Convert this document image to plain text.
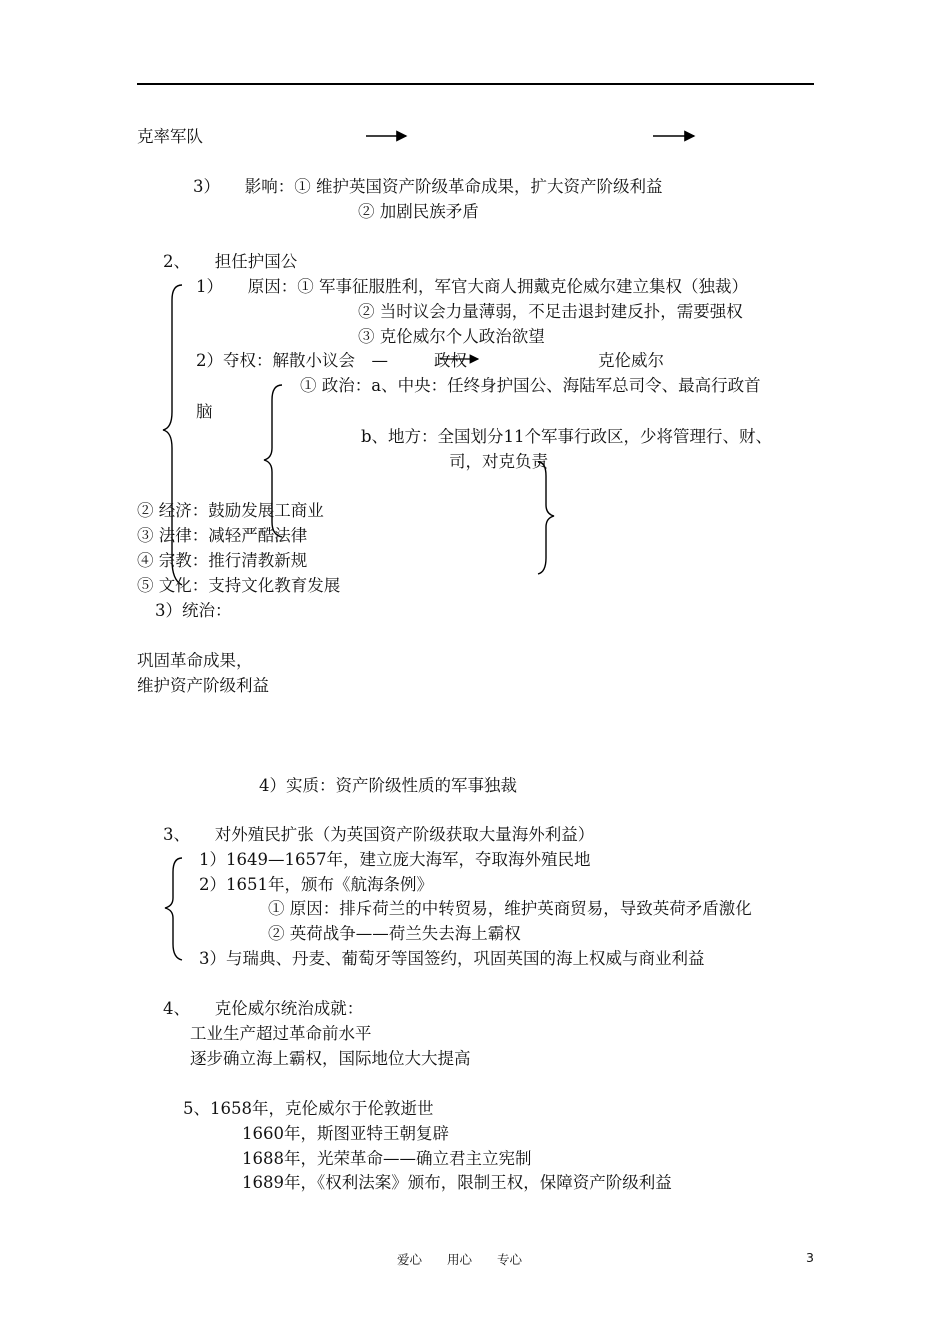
克率军队
3）　　影响：① 维护英国资产阶级革命成果，扩大资产阶级利益
② 加剧民族矛盾
2、　　担任护国公
1）　　原因：① 军事征服胜利，军官大商人拥戴克伦威尔建立集权（独裁）
② 当时议会力量薄弱，不足击退封建反扑，需要强权
③ 克伦威尔个人政治欲望
2）夺权：解散小议会　—	政权	克伦威尔
① 政治：a、中央：任终身护国公、海陆军总司令、最高行政首
脑
b、地方：全国划分11个军事行政区，少将管理行、财、
司，对克负责
② 经济：鼓励发展工商业
③ 法律：减轻严酷法律
④ 宗教：推行清教新规
⑤ 文化：支持文化教育发展
3）统治：
巩固革命成果，
维护资产阶级利益
4）实质：资产阶级性质的军事独裁
3、　　对外殖民扩张（为英国资产阶级获取大量海外利益）
1）1649—1657年，建立庞大海军，夺取海外殖民地
2）1651年，颁布《航海条例》
① 原因：排斥荷兰的中转贸易，维护英商贸易，导致英荷矛盾激化
② 英荷战争——荷兰失去海上霸权
3）与瑞典、丹麦、葡萄牙等国签约，巩固英国的海上权威与商业利益
4、　　克伦威尔统治成就：
工业生产超过革命前水平
逐步确立海上霸权，国际地位大大提高
5、1658年，克伦威尔于伦敦逝世
1660年，斯图亚特王朝复辟
1688年，光荣革命——确立君主立宪制
1689年，《权利法案》颁布，限制王权，保障资产阶级利益
爱心　　用心　　专心	3
